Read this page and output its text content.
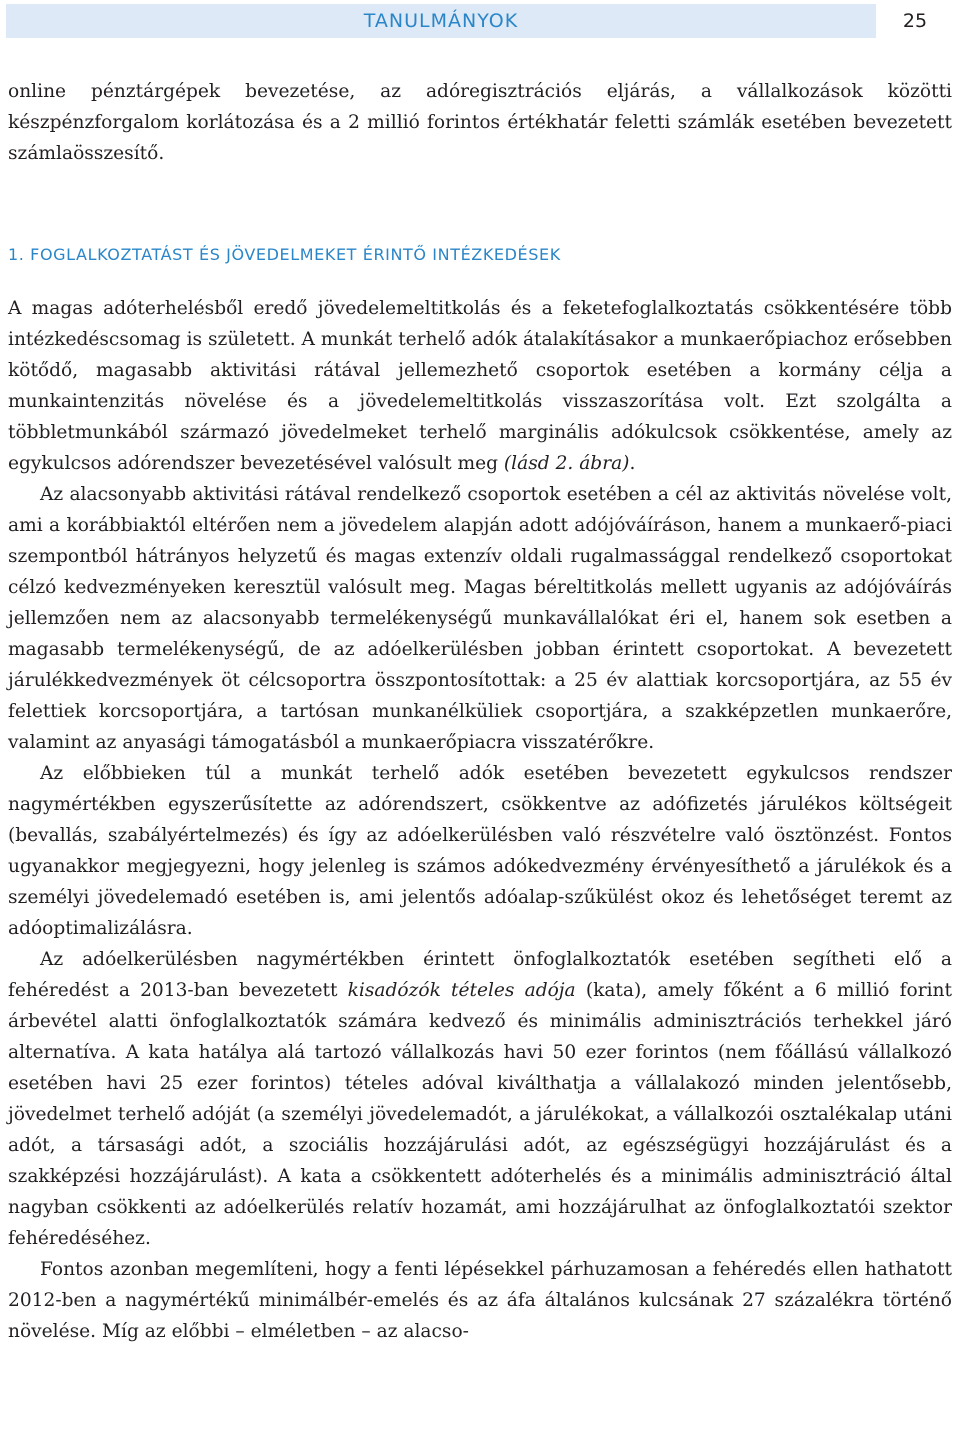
TANULMÁNYOK	25

online pénztárgépek bevezetése, az adóregisztrációs eljárás, a vállalkozások közötti készpénzforgalom korlátozása és a 2 millió forintos értékhatár feletti számlák esetében bevezetett számlaösszesítő.

1. FOGLALKOZTATÁST ÉS JÖVEDELMEKET ÉRINTŐ INTÉZKEDÉSEK

A magas adóterhelésből eredő jövedelemeltitkolás és a feketefoglalkoztatás csökkentésére több intézkedéscsomag is született. A munkát terhelő adók átalakításakor a munkaerőpiachoz erősebben kötődő, magasabb aktivitási rátával jellemezhető csoportok esetében a kormány célja a munkaintenzitás növelése és a jövedelemeltitkolás visszaszorítása volt. Ezt szolgálta a többletmunkából származó jövedelmeket terhelő marginális adókulcsok csökkentése, amely az egykulcsos adórendszer bevezetésével valósult meg (lásd 2. ábra).

Az alacsonyabb aktivitási rátával rendelkező csoportok esetében a cél az aktivitás növelése volt, ami a korábbiaktól eltérően nem a jövedelem alapján adott adójóváíráson, hanem a munkaerő-piaci szempontból hátrányos helyzetű és magas extenzív oldali rugalmassággal rendelkező csoportokat célzó kedvezményeken keresztül valósult meg. Magas béreltitkolás mellett ugyanis az adójóváírás jellemzően nem az alacsonyabb termelékenységű munkavállalókat éri el, hanem sok esetben a magasabb termelékenységű, de az adóelkerülésben jobban érintett csoportokat. A bevezetett járulékkedvezmények öt célcsoportra összpontosítottak: a 25 év alattiak korcsoportjára, az 55 év felettiek korcsoportjára, a tartósan munkanélküliek csoportjára, a szakképzetlen munkaerőre, valamint az anyasági támogatásból a munkaerőpiacra visszatérőkre.

Az előbbieken túl a munkát terhelő adók esetében bevezetett egykulcsos rendszer nagymértékben egyszerűsítette az adórendszert, csökkentve az adófizetés járulékos költségeit (bevallás, szabályértelmezés) és így az adóelkerülésben való részvételre való ösztönzést. Fontos ugyanakkor megjegyezni, hogy jelenleg is számos adókedvezmény érvényesíthető a járulékok és a személyi jövedelemadó esetében is, ami jelentős adóalap-szűkülést okoz és lehetőséget teremt az adóoptimalizálásra.

Az adóelkerülésben nagymértékben érintett önfoglalkoztatók esetében segítheti elő a fehéredést a 2013-ban bevezetett kisadózók tételes adója (kata), amely főként a 6 millió forint árbevétel alatti önfoglalkoztatók számára kedvező és minimális adminisztrációs terhekkel járó alternatíva. A kata hatálya alá tartozó vállalkozás havi 50 ezer forintos (nem főállású vállalkozó esetében havi 25 ezer forintos) tételes adóval kiválthatja a vállalakozó minden jelentősebb, jövedelmet terhelő adóját (a személyi jövedelemadót, a járulékokat, a vállalkozói osztalékalap utáni adót, a társasági adót, a szociális hozzájárulási adót, az egészségügyi hozzájárulást és a szakképzési hozzájárulást). A kata a csökkentett adóterhelés és a minimális adminisztráció által nagyban csökkenti az adóelkerülés relatív hozamát, ami hozzájárulhat az önfoglalkoztatói szektor fehéredéséhez.

Fontos azonban megemlíteni, hogy a fenti lépésekkel párhuzamosan a fehéredés ellen hathatott 2012-ben a nagymértékű minimálbér-emelés és az áfa általános kulcsának 27 százalékra történő növelése. Míg az előbbi – elméletben – az alacso-
